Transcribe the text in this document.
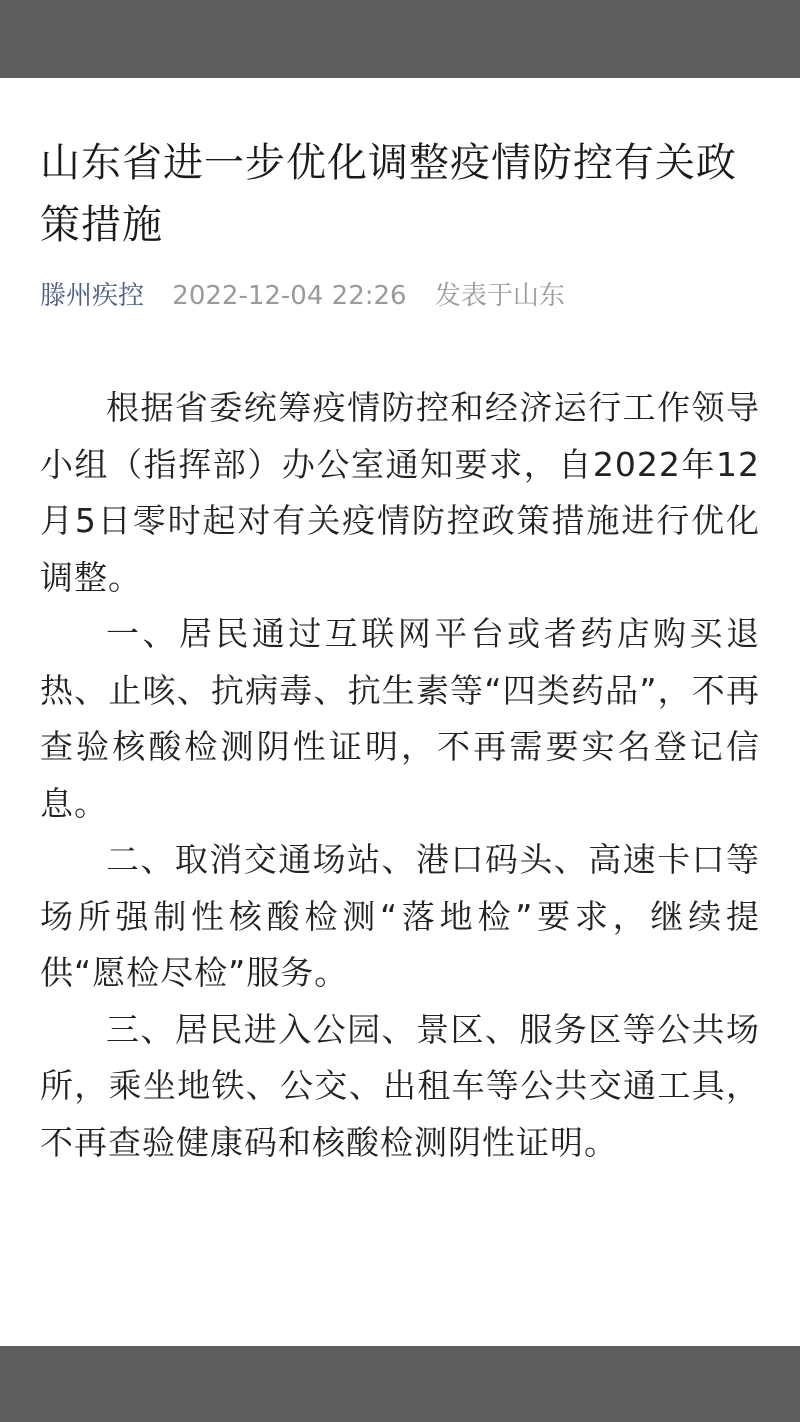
山东省进一步优化调整疫情防控有关政策措施
滕州疾控 2022-12-04 22:26 发表于山东

根据省委统筹疫情防控和经济运行工作领导小组（指挥部）办公室通知要求，自2022年12月5日零时起对有关疫情防控政策措施进行优化调整。

一、居民通过互联网平台或者药店购买退热、止咳、抗病毒、抗生素等“四类药品”，不再查验核酸检测阴性证明，不再需要实名登记信息。

二、取消交通场站、港口码头、高速卡口等场所强制性核酸检测“落地检”要求，继续提供“愿检尽检”服务。

三、居民进入公园、景区、服务区等公共场所，乘坐地铁、公交、出租车等公共交通工具，不再查验健康码和核酸检测阴性证明。
